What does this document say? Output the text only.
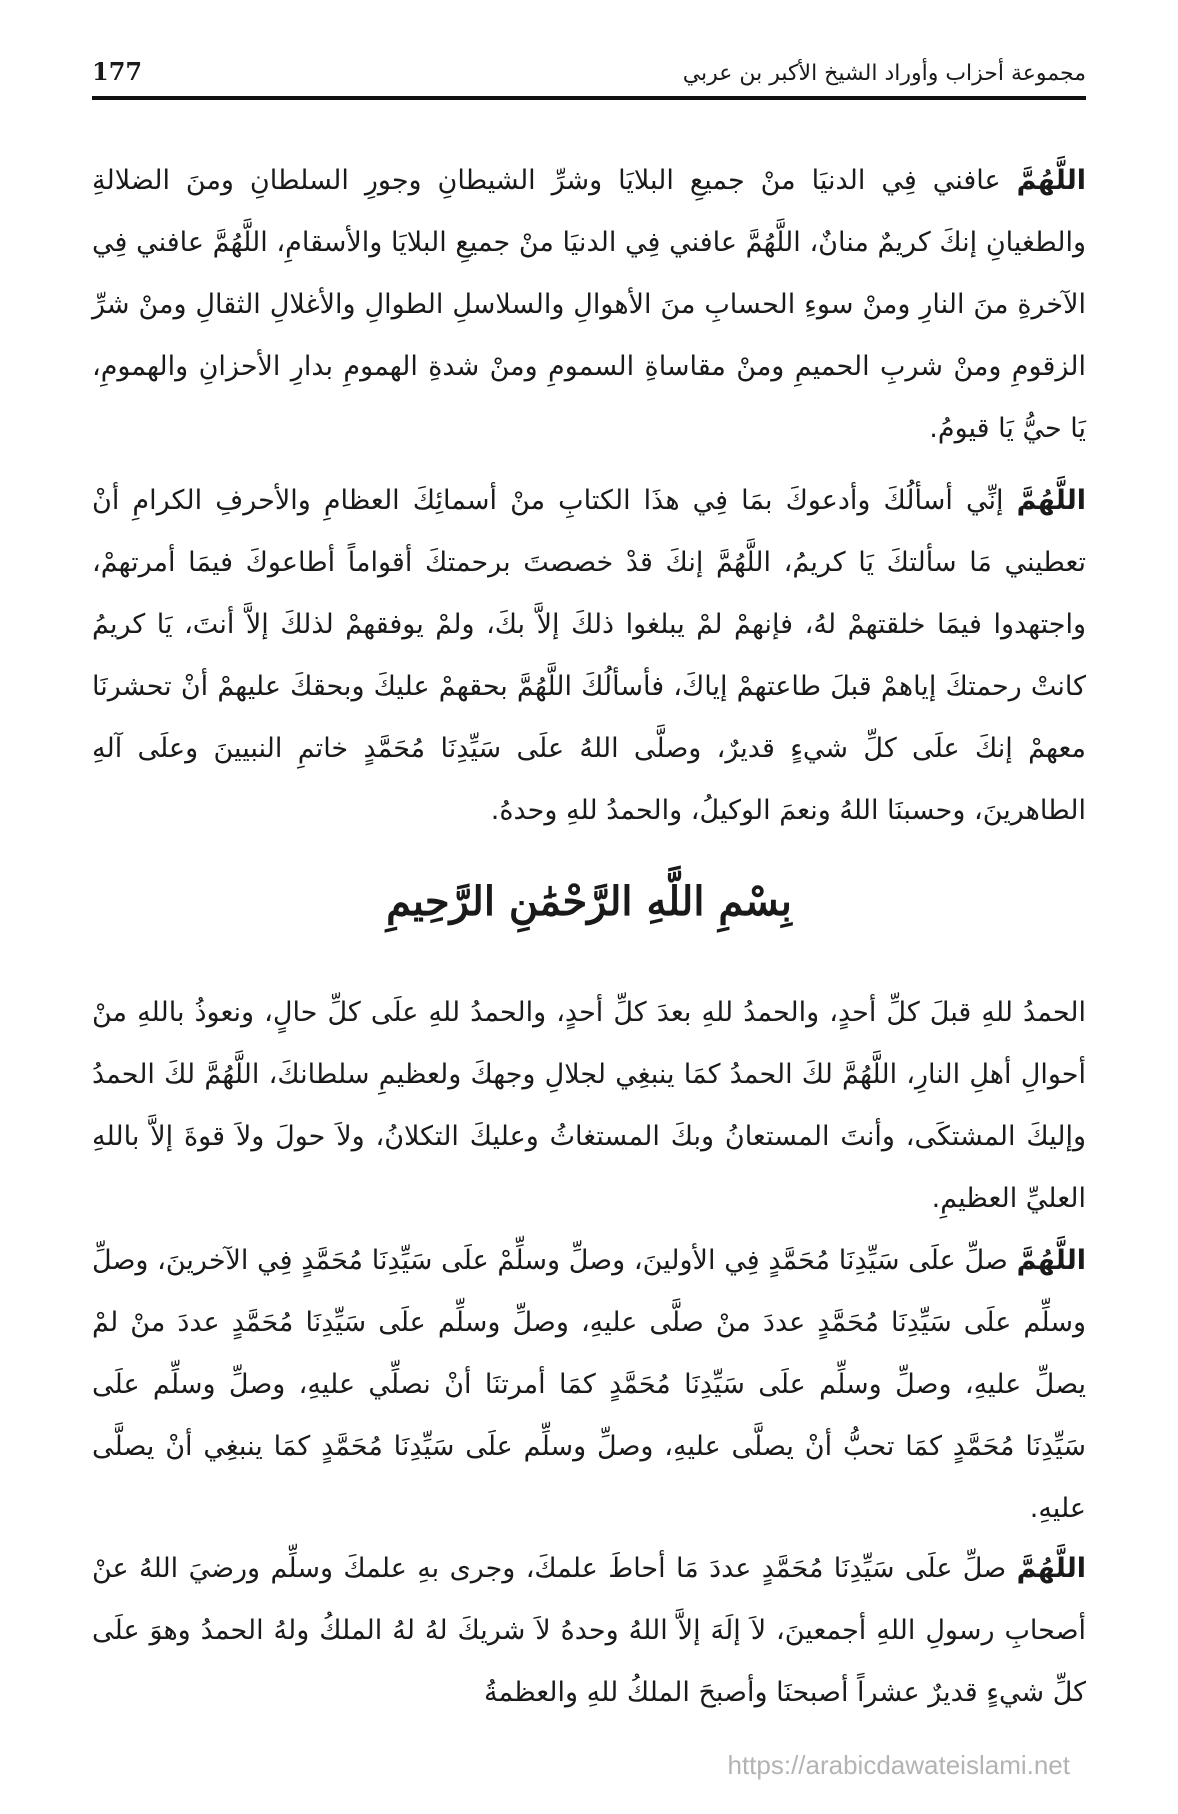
177	مجموعة أحزاب وأوراد الشيخ الأكبر بن عربي

اللَّهُمَّ عافني فِي الدنيَا منْ جميعِ البلايَا وشرِّ الشيطانِ وجورِ السلطانِ ومنَ الضلالةِ والطغيانِ إنكَ كريمٌ منانٌ، اللَّهُمَّ عافني فِي الدنيَا منْ جميعِ البلايَا والأسقامِ، اللَّهُمَّ عافني فِي الآخرةِ منَ النارِ ومنْ سوءِ الحسابِ منَ الأهوالِ والسلاسلِ الطوالِ والأغلالِ الثقالِ ومنْ شرِّ الزقومِ ومنْ شربِ الحميمِ ومنْ مقاساةِ السمومِ ومنْ شدةِ الهمومِ بدارِ الأحزانِ والهمومِ، يَا حيُّ يَا قيومُ.

اللَّهُمَّ إنِّي أسألُكَ وأدعوكَ بمَا فِي هذَا الكتابِ منْ أسمائِكَ العظامِ والأحرفِ الكرامِ أنْ تعطيني مَا سألتكَ يَا كريمُ، اللَّهُمَّ إنكَ قدْ خصصتَ برحمتكَ أقواماً أطاعوكَ فيمَا أمرتهمْ، واجتهدوا فيمَا خلقتهمْ لهُ، فإنهمْ لمْ يبلغوا ذلكَ إلاَّ بكَ، ولمْ يوفقهمْ لذلكَ إلاَّ أنتَ، يَا كريمُ كانتْ رحمتكَ إياهمْ قبلَ طاعتهمْ إياكَ، فأسألُكَ اللَّهُمَّ بحقهمْ عليكَ وبحقكَ عليهمْ أنْ تحشرنَا معهمْ إنكَ علَى كلِّ شيءٍ قديرٌ، وصلَّى اللهُ علَى سَيِّدِنَا مُحَمَّدٍ خاتمِ النبيينَ وعلَى آلهِ الطاهرينَ، وحسبنَا اللهُ ونعمَ الوكيلُ، والحمدُ للهِ وحدهُ.

بِسْمِ اللَّهِ الرَّحْمَٰنِ الرَّحِيمِ

الحمدُ للهِ قبلَ كلِّ أحدٍ، والحمدُ للهِ بعدَ كلِّ أحدٍ، والحمدُ للهِ علَى كلِّ حالٍ، ونعوذُ باللهِ منْ أحوالِ أهلِ النارِ، اللَّهُمَّ لكَ الحمدُ كمَا ينبغِي لجلالِ وجهكَ ولعظيمِ سلطانكَ، اللَّهُمَّ لكَ الحمدُ وإليكَ المشتكَى، وأنتَ المستعانُ وبكَ المستغاثُ وعليكَ التكلانُ، ولاَ حولَ ولاَ قوةَ إلاَّ باللهِ العليِّ العظيمِ.

اللَّهُمَّ صلِّ علَى سَيِّدِنَا مُحَمَّدٍ فِي الأولينَ، وصلِّ وسلِّمْ علَى سَيِّدِنَا مُحَمَّدٍ فِي الآخرينَ، وصلِّ وسلِّم علَى سَيِّدِنَا مُحَمَّدٍ عددَ منْ صلَّى عليهِ، وصلِّ وسلِّم علَى سَيِّدِنَا مُحَمَّدٍ عددَ منْ لمْ يصلِّ عليهِ، وصلِّ وسلِّم علَى سَيِّدِنَا مُحَمَّدٍ كمَا أمرتنَا أنْ نصلِّي عليهِ، وصلِّ وسلِّم علَى سَيِّدِنَا مُحَمَّدٍ كمَا تحبُّ أنْ يصلَّى عليهِ، وصلِّ وسلِّم علَى سَيِّدِنَا مُحَمَّدٍ كمَا ينبغِي أنْ يصلَّى عليهِ.

اللَّهُمَّ صلِّ علَى سَيِّدِنَا مُحَمَّدٍ عددَ مَا أحاطَ علمكَ، وجرى بهِ علمكَ وسلِّم ورضيَ اللهُ عنْ أصحابِ رسولِ اللهِ أجمعينَ، لاَ إلَهَ إلاَّ اللهُ وحدهُ لاَ شريكَ لهُ لهُ الملكُ ولهُ الحمدُ وهوَ علَى كلِّ شيءٍ قديرٌ عشراً أصبحنَا وأصبحَ الملكُ للهِ والعظمةُ

https://arabicdawateislami.net
